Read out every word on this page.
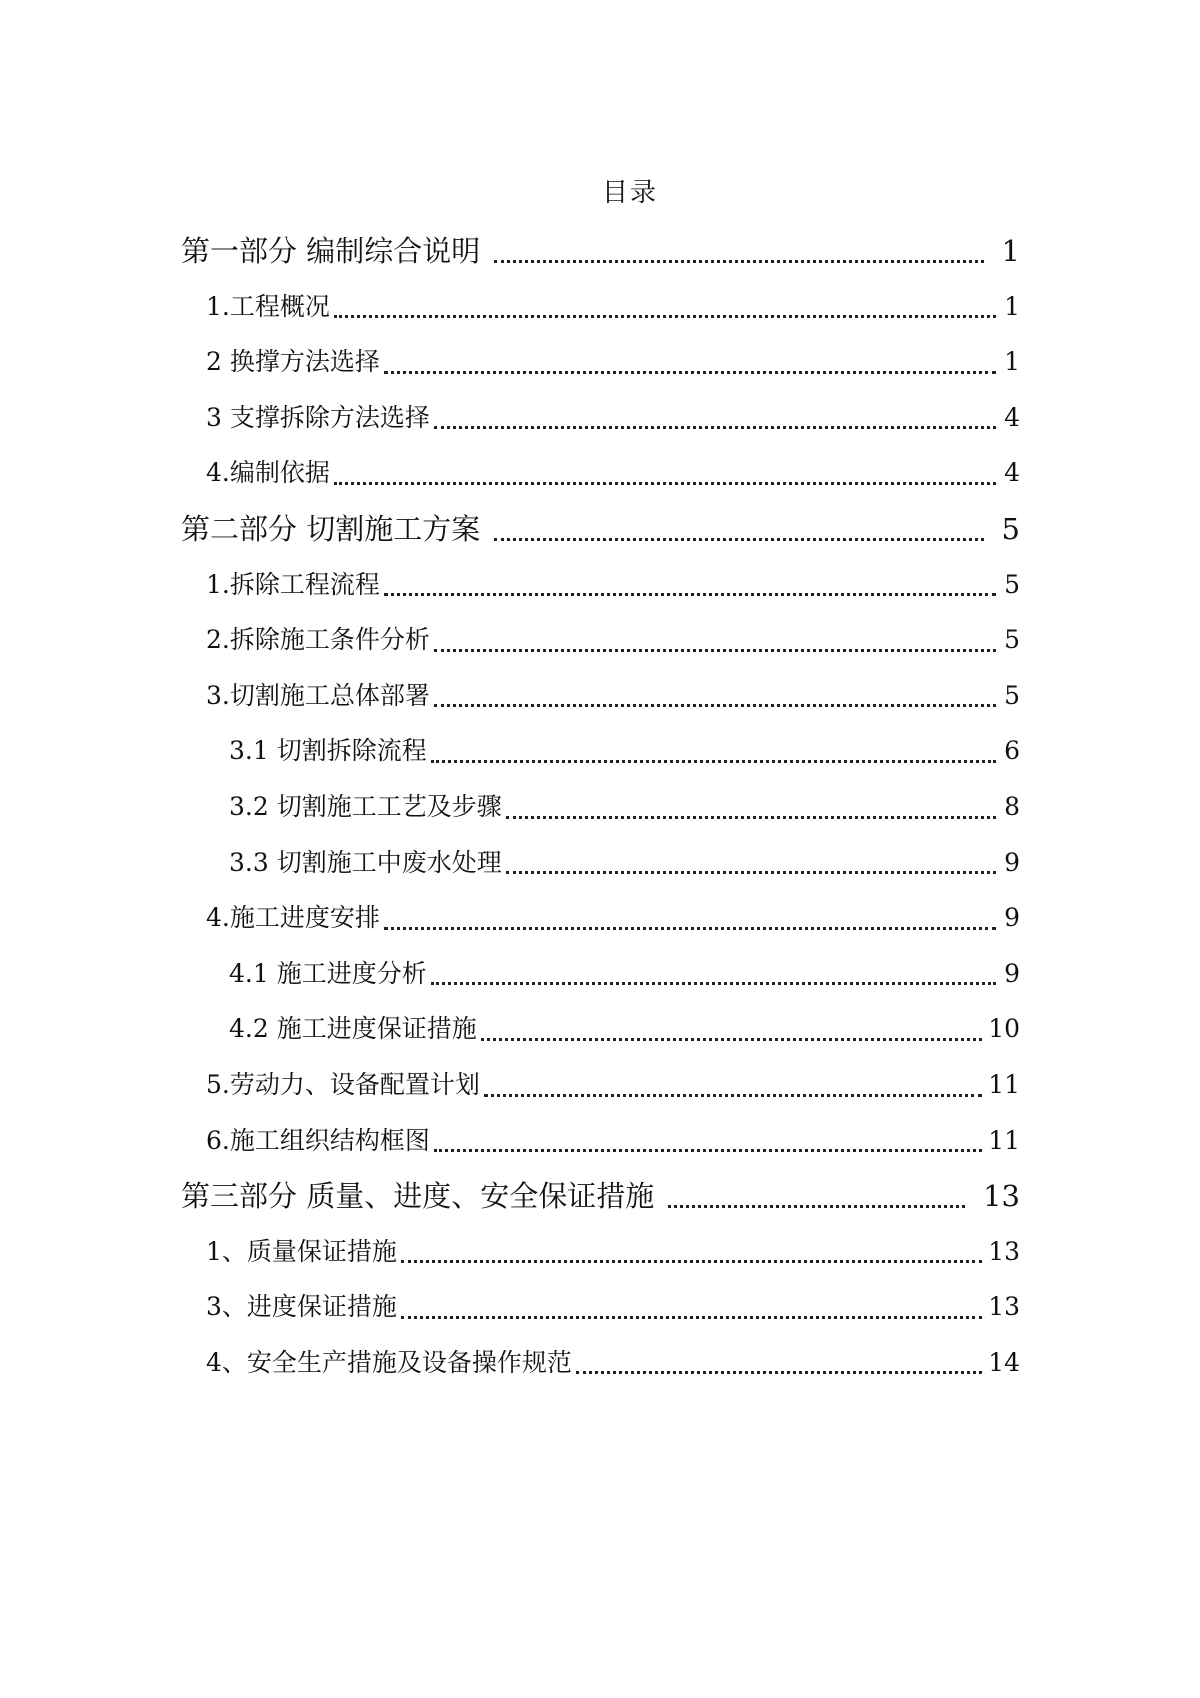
目录
第一部分 编制综合说明	1
1.工程概况	1
2 换撑方法选择	1
3 支撑拆除方法选择	4
4.编制依据	4
第二部分 切割施工方案	5
1.拆除工程流程	5
2.拆除施工条件分析	5
3.切割施工总体部署	5
3.1 切割拆除流程	6
3.2 切割施工工艺及步骤	8
3.3 切割施工中废水处理	9
4.施工进度安排	9
4.1 施工进度分析	9
4.2 施工进度保证措施	10
5.劳动力、设备配置计划	11
6.施工组织结构框图	11
第三部分 质量、进度、安全保证措施	13
1、质量保证措施	13
3、进度保证措施	13
4、安全生产措施及设备操作规范	14
